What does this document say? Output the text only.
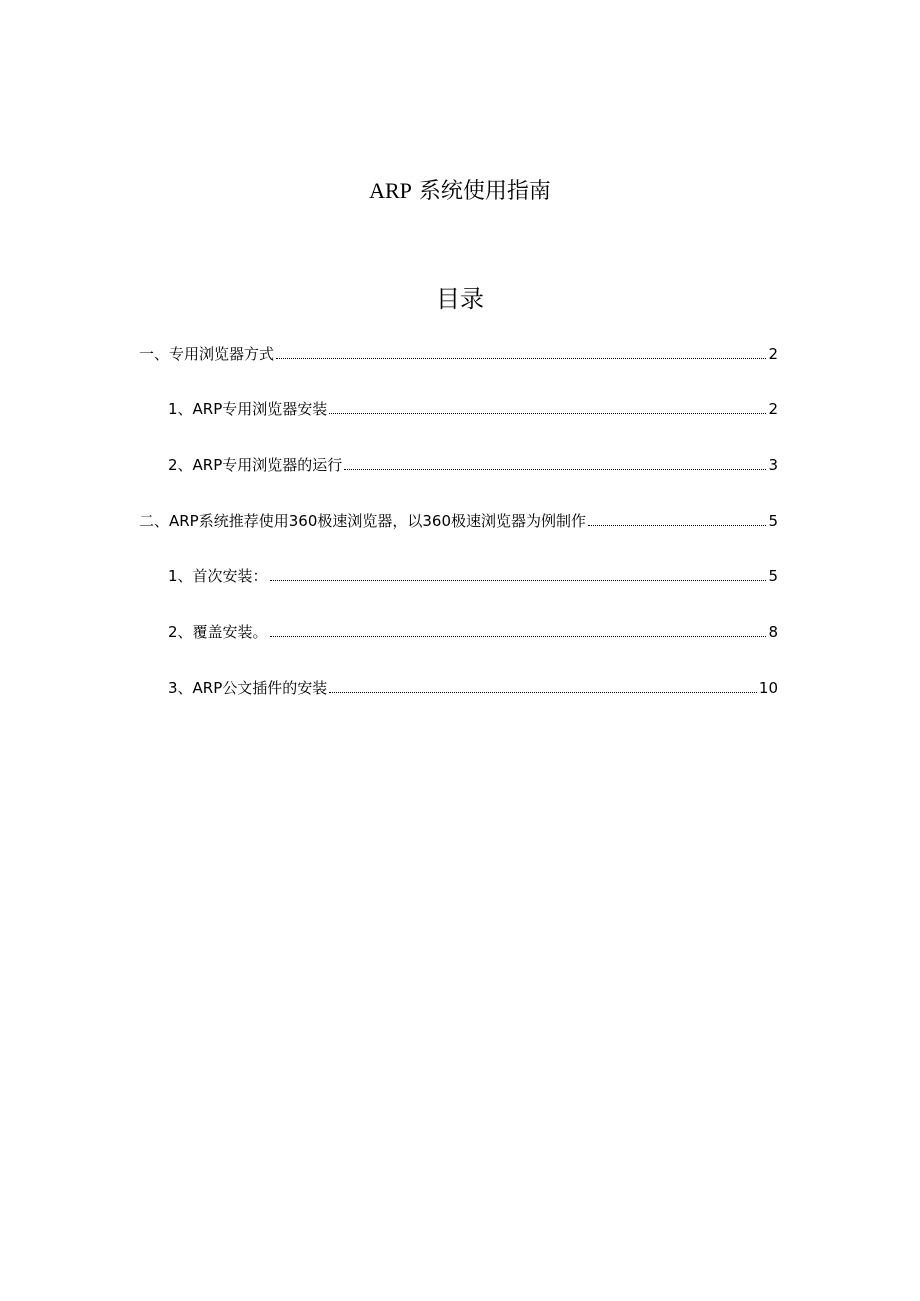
ARP 系统使用指南
目录
一、专用浏览器方式	2
1、ARP专用浏览器安装	2
2、ARP专用浏览器的运行	3
二、ARP系统推荐使用360极速浏览器，以360极速浏览器为例制作	5
1、首次安装：	5
2、覆盖安装。	8
3、ARP公文插件的安装	10
